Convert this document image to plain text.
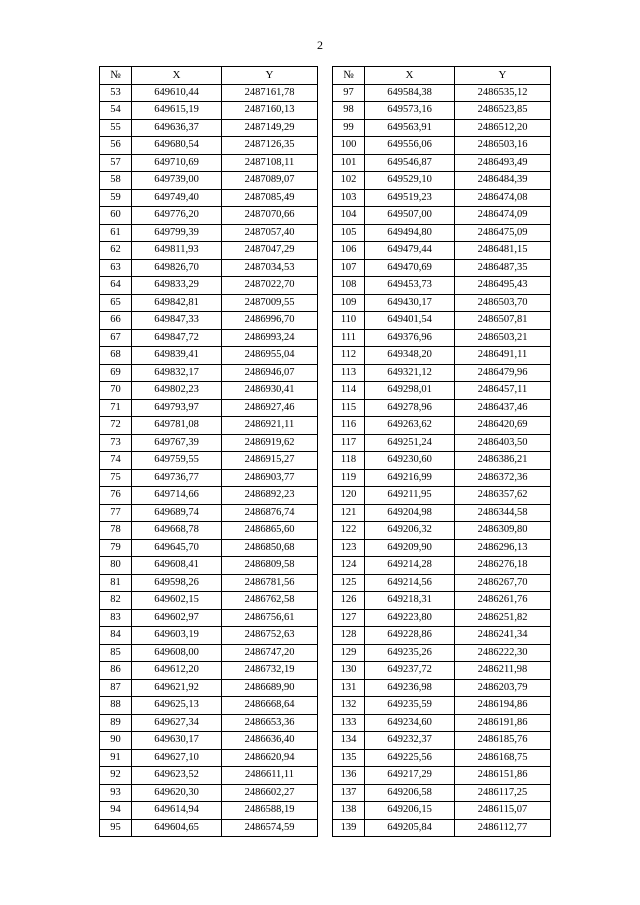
2
№	X	Y
53	649610,44	2487161,78
54	649615,19	2487160,13
55	649636,37	2487149,29
56	649680,54	2487126,35
57	649710,69	2487108,11
58	649739,00	2487089,07
59	649749,40	2487085,49
60	649776,20	2487070,66
61	649799,39	2487057,40
62	649811,93	2487047,29
63	649826,70	2487034,53
64	649833,29	2487022,70
65	649842,81	2487009,55
66	649847,33	2486996,70
67	649847,72	2486993,24
68	649839,41	2486955,04
69	649832,17	2486946,07
70	649802,23	2486930,41
71	649793,97	2486927,46
72	649781,08	2486921,11
73	649767,39	2486919,62
74	649759,55	2486915,27
75	649736,77	2486903,77
76	649714,66	2486892,23
77	649689,74	2486876,74
78	649668,78	2486865,60
79	649645,70	2486850,68
80	649608,41	2486809,58
81	649598,26	2486781,56
82	649602,15	2486762,58
83	649602,97	2486756,61
84	649603,19	2486752,63
85	649608,00	2486747,20
86	649612,20	2486732,19
87	649621,92	2486689,90
88	649625,13	2486668,64
89	649627,34	2486653,36
90	649630,17	2486636,40
91	649627,10	2486620,94
92	649623,52	2486611,11
93	649620,30	2486602,27
94	649614,94	2486588,19
95	649604,65	2486574,59
№	X	Y
97	649584,38	2486535,12
98	649573,16	2486523,85
99	649563,91	2486512,20
100	649556,06	2486503,16
101	649546,87	2486493,49
102	649529,10	2486484,39
103	649519,23	2486474,08
104	649507,00	2486474,09
105	649494,80	2486475,09
106	649479,44	2486481,15
107	649470,69	2486487,35
108	649453,73	2486495,43
109	649430,17	2486503,70
110	649401,54	2486507,81
111	649376,96	2486503,21
112	649348,20	2486491,11
113	649321,12	2486479,96
114	649298,01	2486457,11
115	649278,96	2486437,46
116	649263,62	2486420,69
117	649251,24	2486403,50
118	649230,60	2486386,21
119	649216,99	2486372,36
120	649211,95	2486357,62
121	649204,98	2486344,58
122	649206,32	2486309,80
123	649209,90	2486296,13
124	649214,28	2486276,18
125	649214,56	2486267,70
126	649218,31	2486261,76
127	649223,80	2486251,82
128	649228,86	2486241,34
129	649235,26	2486222,30
130	649237,72	2486211,98
131	649236,98	2486203,79
132	649235,59	2486194,86
133	649234,60	2486191,86
134	649232,37	2486185,76
135	649225,56	2486168,75
136	649217,29	2486151,86
137	649206,58	2486117,25
138	649206,15	2486115,07
139	649205,84	2486112,77
